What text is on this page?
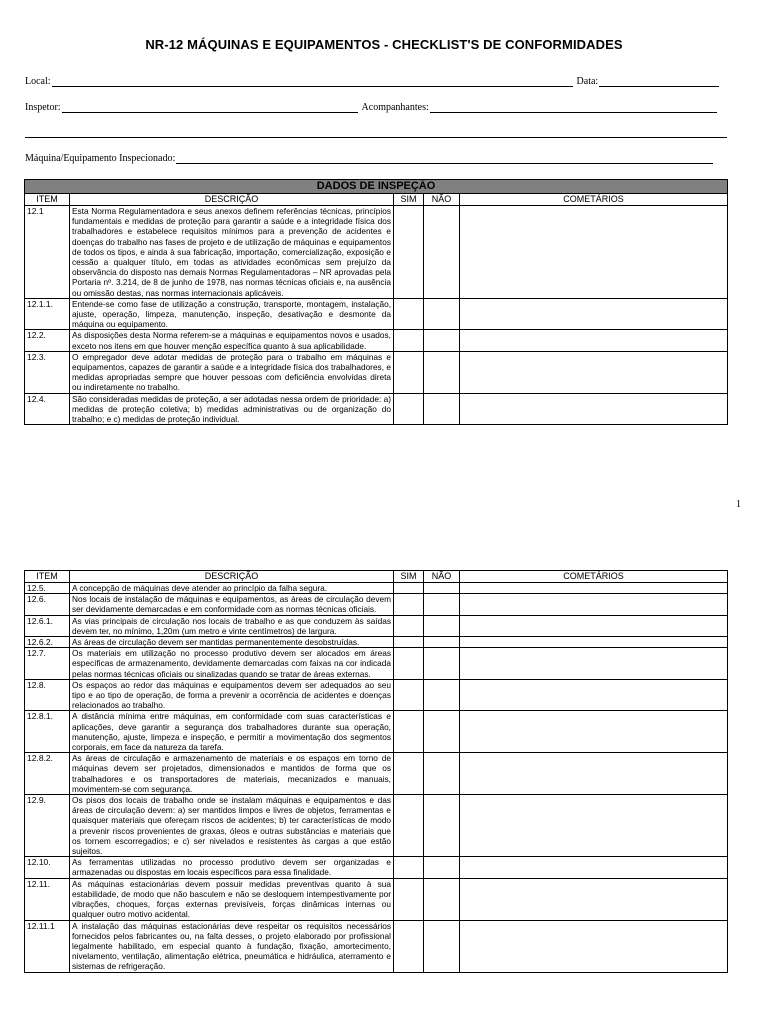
NR-12 MÁQUINAS E EQUIPAMENTOS - CHECKLIST'S DE CONFORMIDADES
Local:	Data:
Inspetor:	Acompanhantes:
Máquina/Equipamento Inspecionado:
DADOS DE INSPEÇÃO				
ITEM	DESCRIÇÃO	SIM	NÃO	COMETÁRIOS
12.1	Esta Norma Regulamentadora e seus anexos definem referências técnicas, princípios fundamentais e medidas de proteção para garantir a saúde e a integridade física dos trabalhadores e estabelece requisitos mínimos para a prevenção de acidentes e doenças do trabalho nas fases de projeto e de utilização de máquinas e equipamentos de todos os tipos, e ainda à sua fabricação, importação, comercialização, exposição e cessão a qualquer título, em todas as atividades econômicas sem prejuízo da observância do disposto nas demais Normas Regulamentadoras – NR aprovadas pela Portaria nº. 3.214, de 8 de junho de 1978, nas normas técnicas oficiais e, na ausência ou omissão destas, nas normas internacionais aplicáveis.			
12.1.1.	Entende-se como fase de utilização a construção, transporte, montagem, instalação, ajuste, operação, limpeza, manutenção, inspeção, desativação e desmonte da máquina ou equipamento.			
12.2.	As disposições desta Norma referem-se a máquinas e equipamentos novos e usados, exceto nos itens em que houver menção específica quanto à sua aplicabilidade.			
12.3.	O empregador deve adotar medidas de proteção para o trabalho em máquinas e equipamentos, capazes de garantir a saúde e a integridade física dos trabalhadores, e medidas apropriadas sempre que houver pessoas com deficiência envolvidas direta ou indiretamente no trabalho.			
12.4.	São consideradas medidas de proteção, a ser adotadas nessa ordem de prioridade: a) medidas de proteção coletiva; b) medidas administrativas ou de organização do trabalho; e c) medidas de proteção individual.			
1
ITEM	DESCRIÇÃO	SIM	NÃO	COMETÁRIOS
12.5.	A concepção de máquinas deve atender ao princípio da falha segura.			
12.6.	Nos locais de instalação de máquinas e equipamentos, as áreas de circulação devem ser devidamente demarcadas e em conformidade com as normas técnicas oficiais.			
12.6.1.	As vias principais de circulação nos locais de trabalho e as que conduzem às saídas devem ter, no mínimo, 1,20m (um metro e vinte centímetros) de largura.			
12.6.2.	As áreas de circulação devem ser mantidas permanentemente desobstruídas.			
12.7.	Os materiais em utilização no processo produtivo devem ser alocados em áreas específicas de armazenamento, devidamente demarcadas com faixas na cor indicada pelas normas técnicas oficiais ou sinalizadas quando se tratar de áreas externas.			
12.8.	Os espaços ao redor das máquinas e equipamentos devem ser adequados ao seu tipo e ao tipo de operação, de forma a prevenir a ocorrência de acidentes e doenças relacionados ao trabalho.			
12.8.1.	A distância mínima entre máquinas, em conformidade com suas características e aplicações, deve garantir a segurança dos trabalhadores durante sua operação, manutenção, ajuste, limpeza e inspeção, e permitir a movimentação dos segmentos corporais, em face da natureza da tarefa.			
12.8.2.	As áreas de circulação e armazenamento de materiais e os espaços em torno de máquinas devem ser projetados, dimensionados e mantidos de forma que os trabalhadores e os transportadores de materiais, mecanizados e manuais, movimentem-se com segurança.			
12.9.	Os pisos dos locais de trabalho onde se instalam máquinas e equipamentos e das áreas de circulação devem: a) ser mantidos limpos e livres de objetos, ferramentas e quaisquer materiais que ofereçam riscos de acidentes; b) ter características de modo a prevenir riscos provenientes de graxas, óleos e outras substâncias e materiais que os tornem escorregadios; e c) ser nivelados e resistentes às cargas a que estão sujeitos.			
12.10.	As ferramentas utilizadas no processo produtivo devem ser organizadas e armazenadas ou dispostas em locais específicos para essa finalidade.			
12.11.	As máquinas estacionárias devem possuir medidas preventivas quanto à sua estabilidade, de modo que não basculem e não se desloquem intempestivamente por vibrações, choques, forças externas previsíveis, forças dinâmicas internas ou qualquer outro motivo acidental.			
12.11.1	A instalação das máquinas estacionárias deve respeitar os requisitos necessários fornecidos pelos fabricantes ou, na falta desses, o projeto elaborado por profissional legalmente habilitado, em especial quanto à fundação, fixação, amortecimento, nivelamento, ventilação, alimentação elétrica, pneumática e hidráulica, aterramento e sistemas de refrigeração.			
